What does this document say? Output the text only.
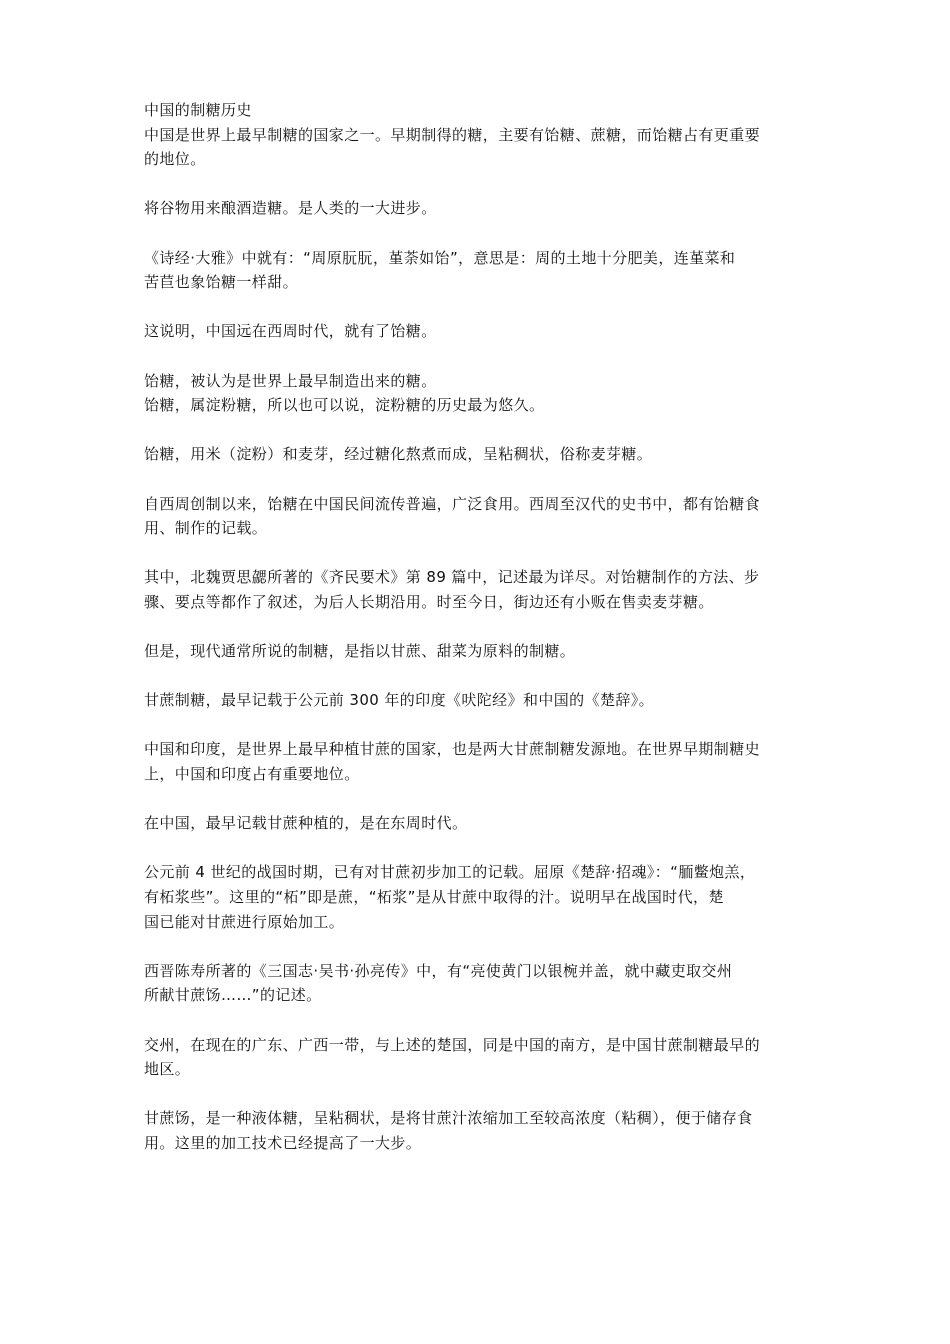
中国的制糖历史
中国是世界上最早制糖的国家之一。早期制得的糖，主要有饴糖、蔗糖，而饴糖占有更重要
的地位。
将谷物用来酿酒造糖。是人类的一大进步。
《诗经·大雅》中就有：“周原朊朊，堇荼如饴”，意思是：周的土地十分肥美，连堇菜和
苦苣也象饴糖一样甜。
这说明，中国远在西周时代，就有了饴糖。
饴糖，被认为是世界上最早制造出来的糖。
饴糖，属淀粉糖，所以也可以说，淀粉糖的历史最为悠久。
饴糖，用米（淀粉）和麦芽，经过糖化熬煮而成，呈粘稠状，俗称麦芽糖。
自西周创制以来，饴糖在中国民间流传普遍，广泛食用。西周至汉代的史书中，都有饴糖食
用、制作的记载。
其中，北魏贾思勰所著的《齐民要术》第 89 篇中，记述最为详尽。对饴糖制作的方法、步
骤、要点等都作了叙述，为后人长期沿用。时至今日，街边还有小贩在售卖麦芽糖。
但是，现代通常所说的制糖，是指以甘蔗、甜菜为原料的制糖。
甘蔗制糖，最早记载于公元前 300 年的印度《吠陀经》和中国的《楚辞》。
中国和印度，是世界上最早种植甘蔗的国家，也是两大甘蔗制糖发源地。在世界早期制糖史
上，中国和印度占有重要地位。
在中国，最早记载甘蔗种植的，是在东周时代。
公元前 4 世纪的战国时期，已有对甘蔗初步加工的记载。屈原《楚辞·招魂》：“胹鳖炮羔，
有柘浆些”。这里的“柘”即是蔗，“柘浆”是从甘蔗中取得的汁。说明早在战国时代，楚
国已能对甘蔗进行原始加工。
西晋陈寿所著的《三国志·吴书·孙亮传》中，有“亮使黄门以银椀并盖，就中藏吏取交州
所献甘蔗饧……”的记述。
交州，在现在的广东、广西一带，与上述的楚国，同是中国的南方，是中国甘蔗制糖最早的
地区。
甘蔗饧，是一种液体糖，呈粘稠状，是将甘蔗汁浓缩加工至较高浓度（粘稠），便于储存食
用。这里的加工技术已经提高了一大步。
